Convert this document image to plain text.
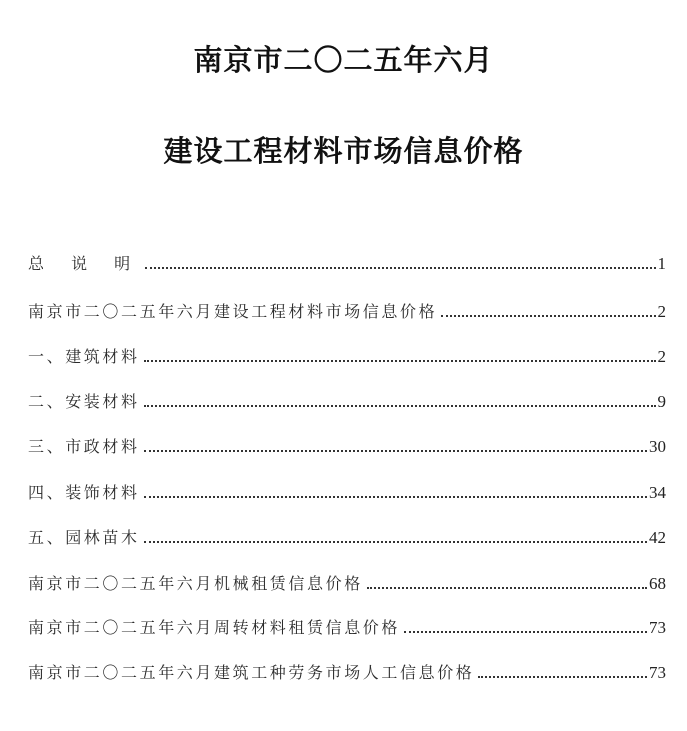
南京市二〇二五年六月
建设工程材料市场信息价格
总 说 明	1
南京市二〇二五年六月建设工程材料市场信息价格	2
一、建筑材料	2
二、安装材料	9
三、市政材料	30
四、装饰材料	34
五、园林苗木	42
南京市二〇二五年六月机械租赁信息价格	68
南京市二〇二五年六月周转材料租赁信息价格	73
南京市二〇二五年六月建筑工种劳务市场人工信息价格	73
